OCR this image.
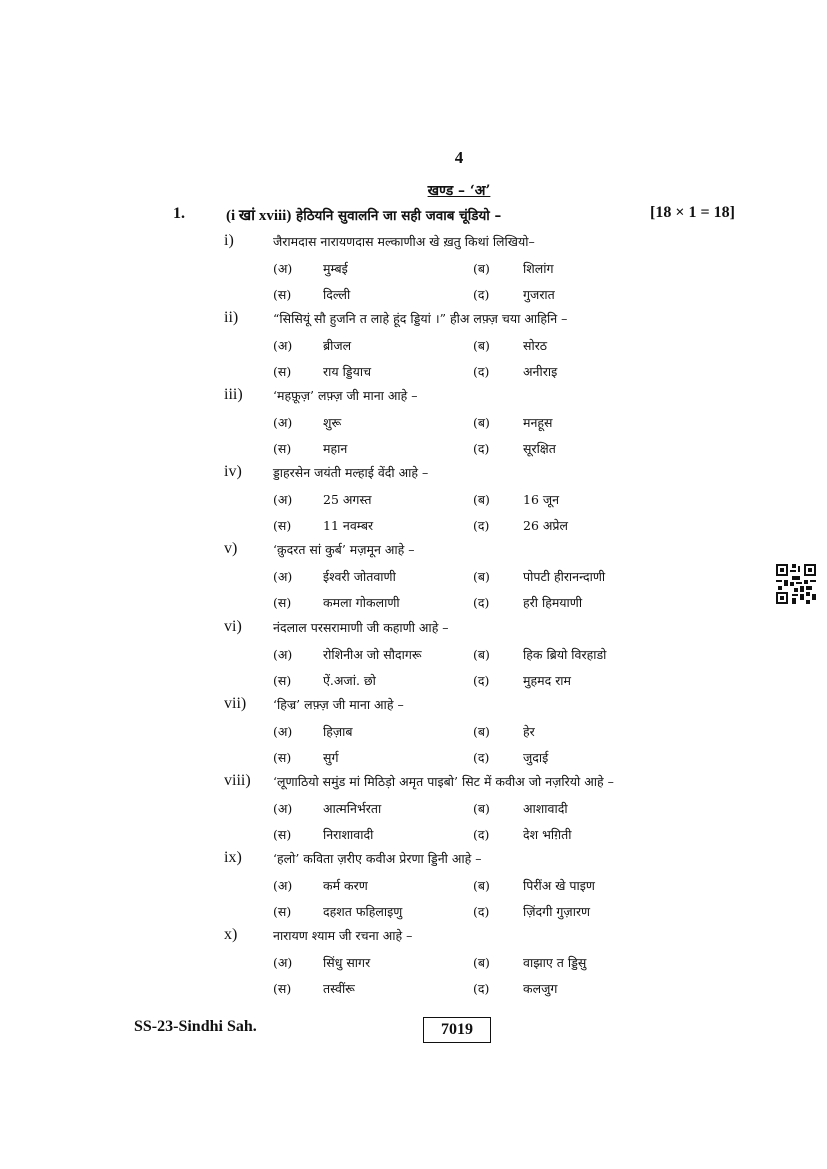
4
खण्ड – ‘अ’
1.	(i खां xviii) हेठियनि सुवालनि जा सही जवाब चूंडियो –	[18 × 1 = 18]
i)	जैरामदास नारायणदास मल्काणीअ खे ख़तु किथां लिखियो–
(अ) मुम्बई	(ब)	शिलांग
(स)	दिल्ली	(द)	गुजरात
ii)	“सिसियूं सौ हुजनि त लाहे हूंद ड्डियां ।” हीअ लफ़्ज़ चया आहिनि –
(अ) ब्रीजल	(ब)	सोरठ
(स)	राय ड्डियाच	(द)	अनीराइ
iii) ‘महफ़ूज़’ लफ़्ज़ जी माना आहे –
(अ) शुरू	(ब)	मनहूस
(स)	महान	(द)	सूरक्षित
iv) ड्डाहरसेन जयंती मल्हाई वेंदी आहे –
(अ) 25 अगस्त	(ब)	16 जून
(स)	11 नवम्बर	(द)	26 अप्रेल
v)	‘क़ुदरत सां कुर्ब’ मज़मून आहे –
(अ) ईश्वरी जोतवाणी	(ब)	पोपटी हीरानन्दाणी
(स)	कमला गोकलाणी	(द)	हरी हिमयाणी
vi) नंदलाल परसरामाणी जी कहाणी आहे –
(अ) रोशिनीअ जो सौदागरू	(ब)	हिक ब्रियो विरहाडो
(स)	ऐं.अजां. छो	(द)	मुहमद राम
vii) ‘हिज्र’ लफ़्ज़ जी माना आहे –
(अ) हिज़ाब	(ब)	हेर
(स)	सुर्ग	(द)	जुदाई
viii) ‘लूणाठियो समुंड मां मिठिड़ो अमृत पाइबो’ सिट में कवीअ जो नज़रियो आहे –
(अ) आत्मनिर्भरता	(ब)	आशावादी
(स)	निराशावादी	(द)	देश भग़िती
ix) ‘हलो’ कविता ज़रीए कवीअ प्रेरणा ड्डिनी आहे –
(अ) कर्म करण	(ब)	पिरींअ खे पाइण
(स)	दहशत फहिलाइणु	(द)	ज़िंदगी गुज़ारण
x)	नारायण श्याम जी रचना आहे –
(अ) सिंधु सागर	(ब)	वाझाए त ड्डिसु
(स)	तस्वींरू	(द)	कलजुग
SS-23-Sindhi Sah.	7019
